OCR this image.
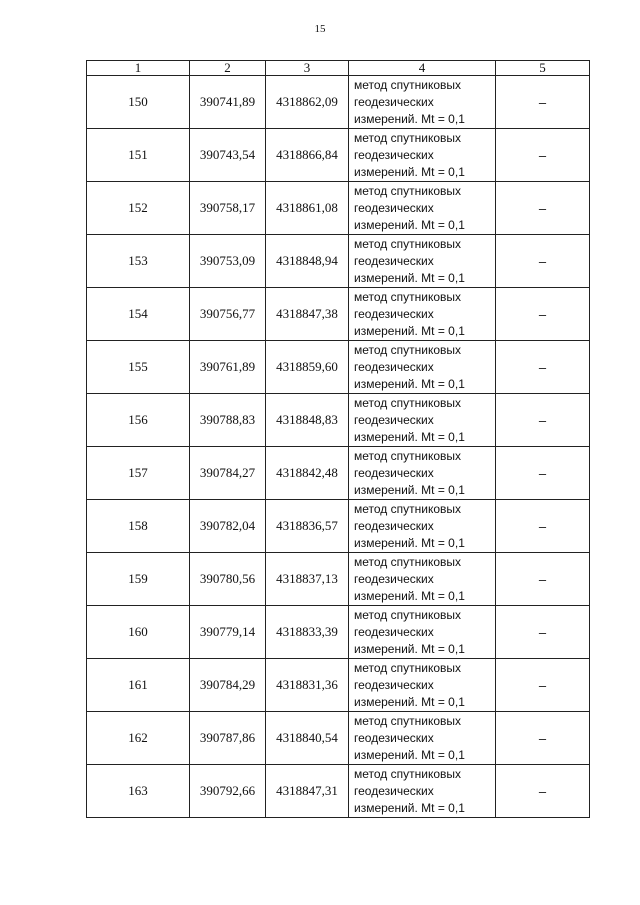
15
1	2	3	4	5
150	390741,89	4318862,09	метод спутниковых
геодезических
измерений. Mt = 0,1	–
151	390743,54	4318866,84	метод спутниковых
геодезических
измерений. Mt = 0,1	–
152	390758,17	4318861,08	метод спутниковых
геодезических
измерений. Mt = 0,1	–
153	390753,09	4318848,94	метод спутниковых
геодезических
измерений. Mt = 0,1	–
154	390756,77	4318847,38	метод спутниковых
геодезических
измерений. Mt = 0,1	–
155	390761,89	4318859,60	метод спутниковых
геодезических
измерений. Mt = 0,1	–
156	390788,83	4318848,83	метод спутниковых
геодезических
измерений. Mt = 0,1	–
157	390784,27	4318842,48	метод спутниковых
геодезических
измерений. Mt = 0,1	–
158	390782,04	4318836,57	метод спутниковых
геодезических
измерений. Mt = 0,1	–
159	390780,56	4318837,13	метод спутниковых
геодезических
измерений. Mt = 0,1	–
160	390779,14	4318833,39	метод спутниковых
геодезических
измерений. Mt = 0,1	–
161	390784,29	4318831,36	метод спутниковых
геодезических
измерений. Mt = 0,1	–
162	390787,86	4318840,54	метод спутниковых
геодезических
измерений. Mt = 0,1	–
163	390792,66	4318847,31	метод спутниковых
геодезических
измерений. Mt = 0,1	–
